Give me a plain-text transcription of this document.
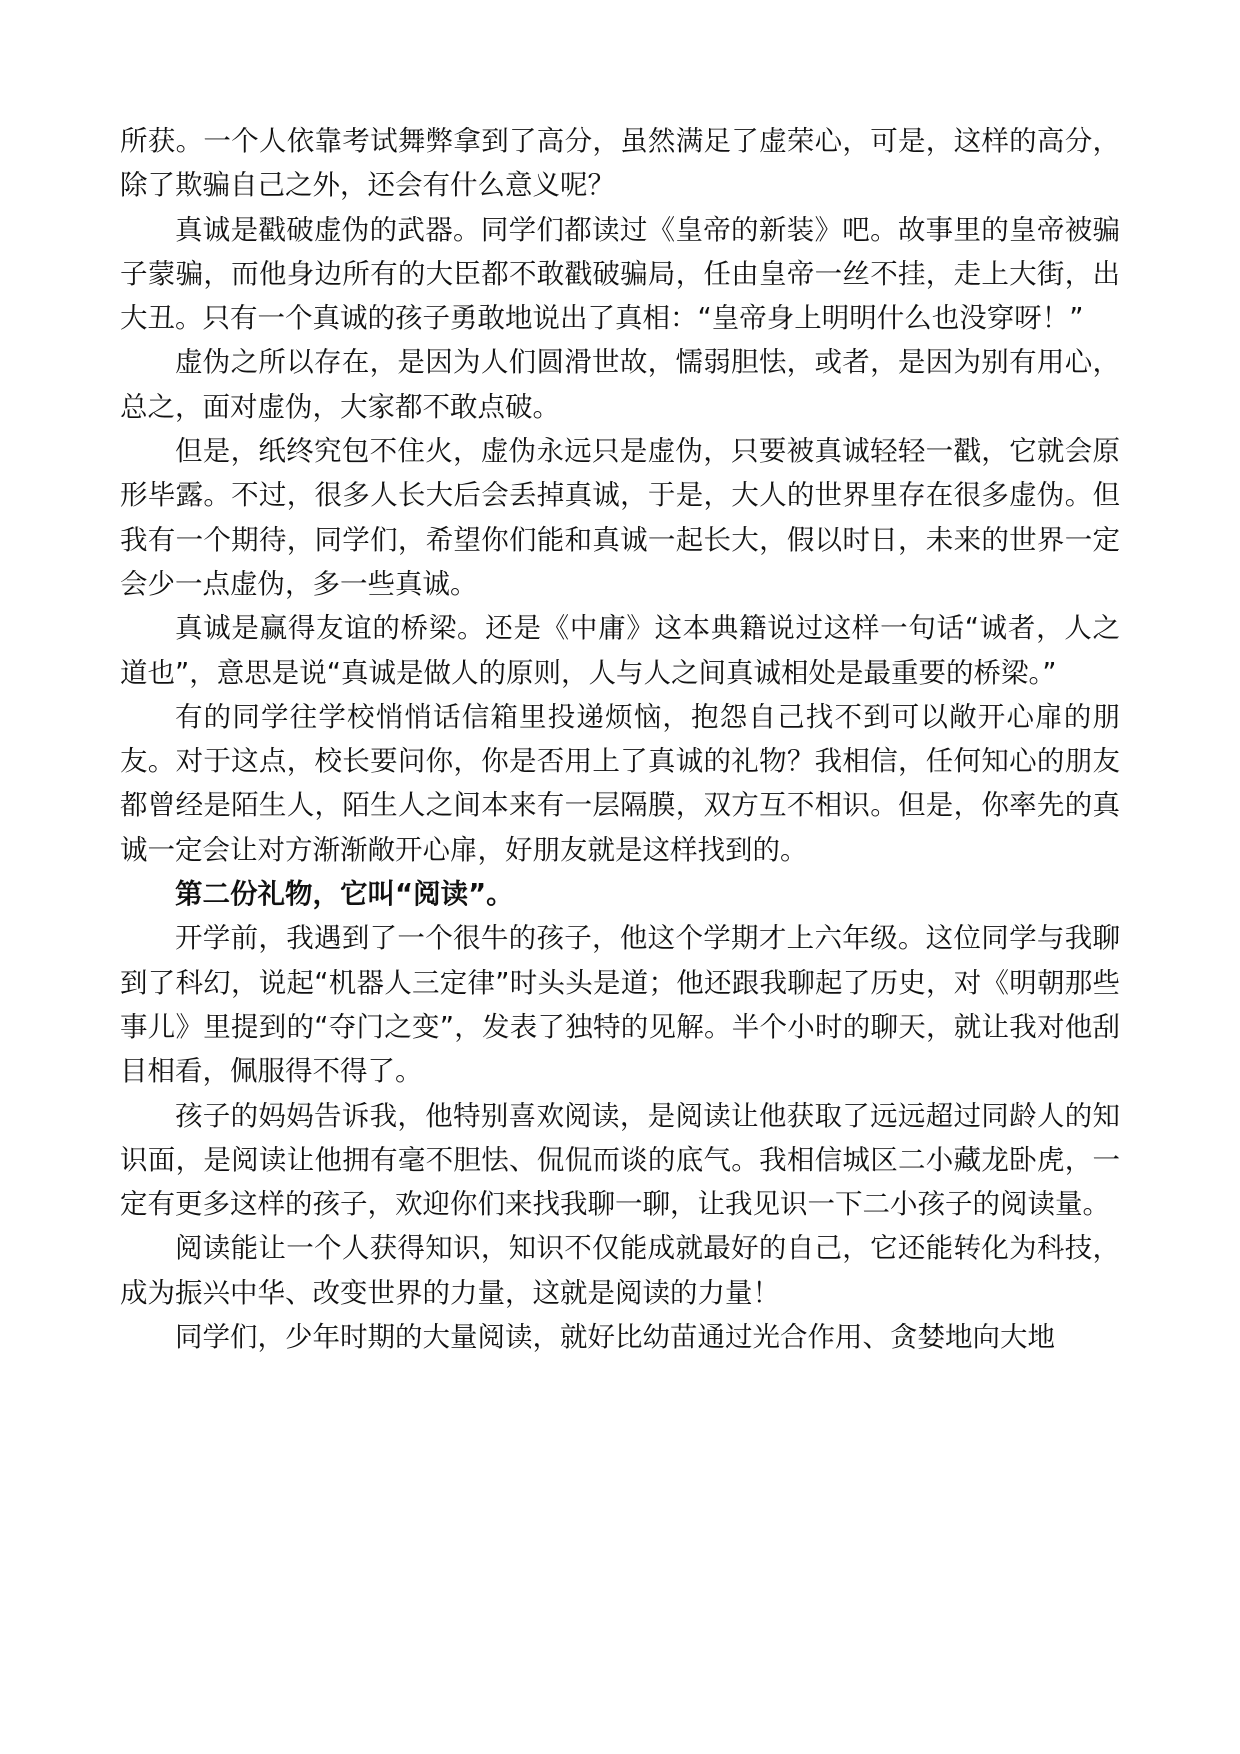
所获。一个人依靠考试舞弊拿到了高分，虽然满足了虚荣心，可是，这样的高分，除了欺骗自己之外，还会有什么意义呢？

真诚是戳破虚伪的武器。同学们都读过《皇帝的新装》吧。故事里的皇帝被骗子蒙骗，而他身边所有的大臣都不敢戳破骗局，任由皇帝一丝不挂，走上大街，出大丑。只有一个真诚的孩子勇敢地说出了真相：“皇帝身上明明什么也没穿呀！”

虚伪之所以存在，是因为人们圆滑世故，懦弱胆怯，或者，是因为别有用心，总之，面对虚伪，大家都不敢点破。

但是，纸终究包不住火，虚伪永远只是虚伪，只要被真诚轻轻一戳，它就会原形毕露。不过，很多人长大后会丢掉真诚，于是，大人的世界里存在很多虚伪。但我有一个期待，同学们，希望你们能和真诚一起长大，假以时日，未来的世界一定会少一点虚伪，多一些真诚。

真诚是赢得友谊的桥梁。还是《中庸》这本典籍说过这样一句话“诚者，人之道也”，意思是说“真诚是做人的原则，人与人之间真诚相处是最重要的桥梁。”

有的同学往学校悄悄话信箱里投递烦恼，抱怨自己找不到可以敞开心扉的朋友。对于这点，校长要问你，你是否用上了真诚的礼物？我相信，任何知心的朋友都曾经是陌生人，陌生人之间本来有一层隔膜，双方互不相识。但是，你率先的真诚一定会让对方渐渐敞开心扉，好朋友就是这样找到的。

第二份礼物，它叫“阅读”。

开学前，我遇到了一个很牛的孩子，他这个学期才上六年级。这位同学与我聊到了科幻，说起“机器人三定律”时头头是道；他还跟我聊起了历史，对《明朝那些事儿》里提到的“夺门之变”，发表了独特的见解。半个小时的聊天，就让我对他刮目相看，佩服得不得了。

孩子的妈妈告诉我，他特别喜欢阅读，是阅读让他获取了远远超过同龄人的知识面，是阅读让他拥有毫不胆怯、侃侃而谈的底气。我相信城区二小藏龙卧虎，一定有更多这样的孩子，欢迎你们来找我聊一聊，让我见识一下二小孩子的阅读量。

阅读能让一个人获得知识，知识不仅能成就最好的自己，它还能转化为科技，成为振兴中华、改变世界的力量，这就是阅读的力量！

同学们，少年时期的大量阅读，就好比幼苗通过光合作用、贪婪地向大地
